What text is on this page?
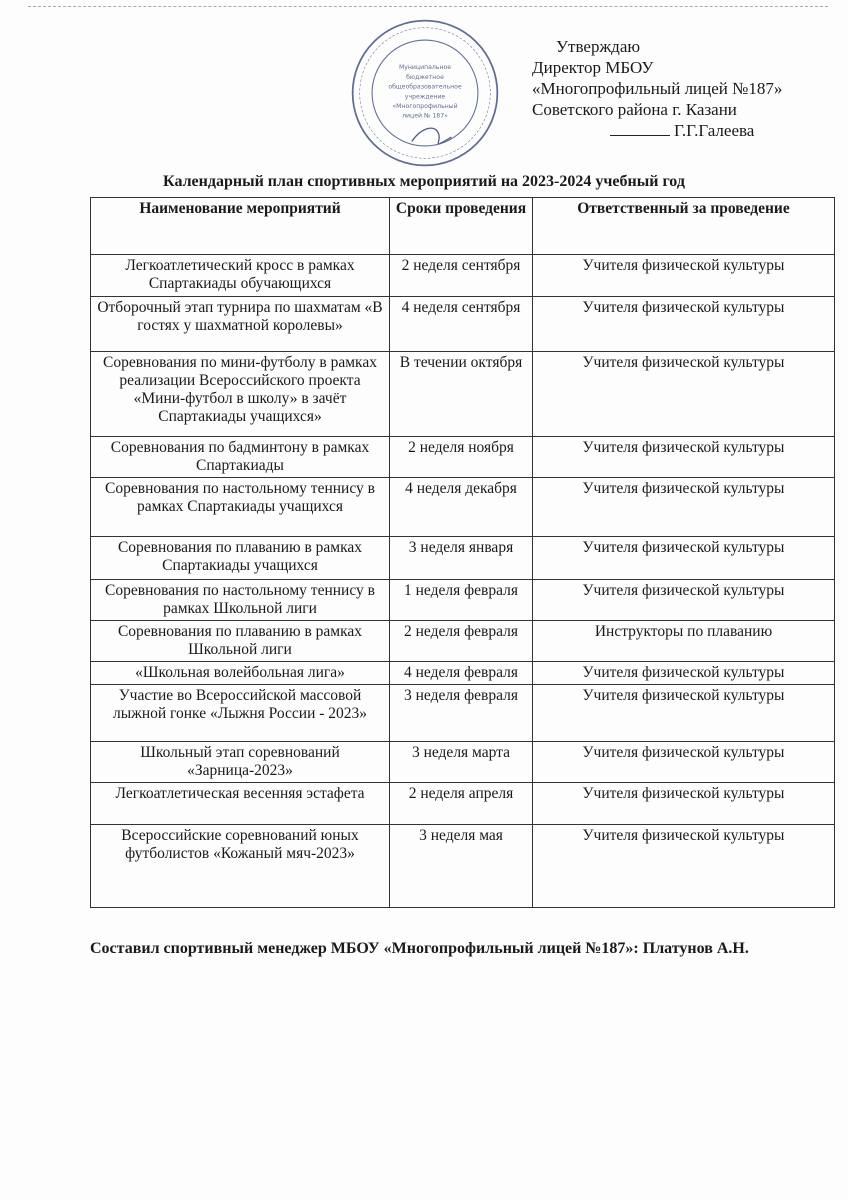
Муниципальное
бюджетное
общеобразовательное
учреждение
«Многопрофильный
лицей № 187»
Утверждаю
Директор МБОУ
«Многопрофильный лицей №187»
Советского района г. Казани
Г.Г.Галеева
Календарный план спортивных мероприятий на 2023-2024 учебный год
Наименование мероприятий	Сроки проведения	Ответственный за проведение
Легкоатлетический кросс в рамках Спартакиады обучающихся	2 неделя сентября	Учителя физической культуры
Отборочный этап турнира по шахматам «В гостях у шахматной королевы»	4 неделя сентября	Учителя физической культуры
Соревнования по мини-футболу в рамках реализации Всероссийского проекта «Мини-футбол в школу» в зачёт Спартакиады учащихся»	В течении октября	Учителя физической культуры
Соревнования по бадминтону в рамках Спартакиады	2 неделя ноября	Учителя физической культуры
Соревнования по настольному теннису в рамках Спартакиады учащихся	4 неделя декабря	Учителя физической культуры
Соревнования по плаванию в рамках Спартакиады учащихся	3 неделя января	Учителя физической культуры
Соревнования по настольному теннису в рамках Школьной лиги	1 неделя февраля	Учителя физической культуры
Соревнования по плаванию в рамках Школьной лиги	2 неделя февраля	Инструкторы по плаванию
«Школьная волейбольная лига»	4 неделя февраля	Учителя физической культуры
Участие во Всероссийской массовой лыжной гонке «Лыжня России - 2023»	3 неделя февраля	Учителя физической культуры
Школьный этап соревнований «Зарница-2023»	3 неделя марта	Учителя физической культуры
Легкоатлетическая весенняя эстафета	2 неделя апреля	Учителя физической культуры
Всероссийские соревнований юных футболистов «Кожаный мяч-2023»	3 неделя мая	Учителя физической культуры
Составил спортивный менеджер МБОУ «Многопрофильный лицей №187»: Платунов А.Н.
